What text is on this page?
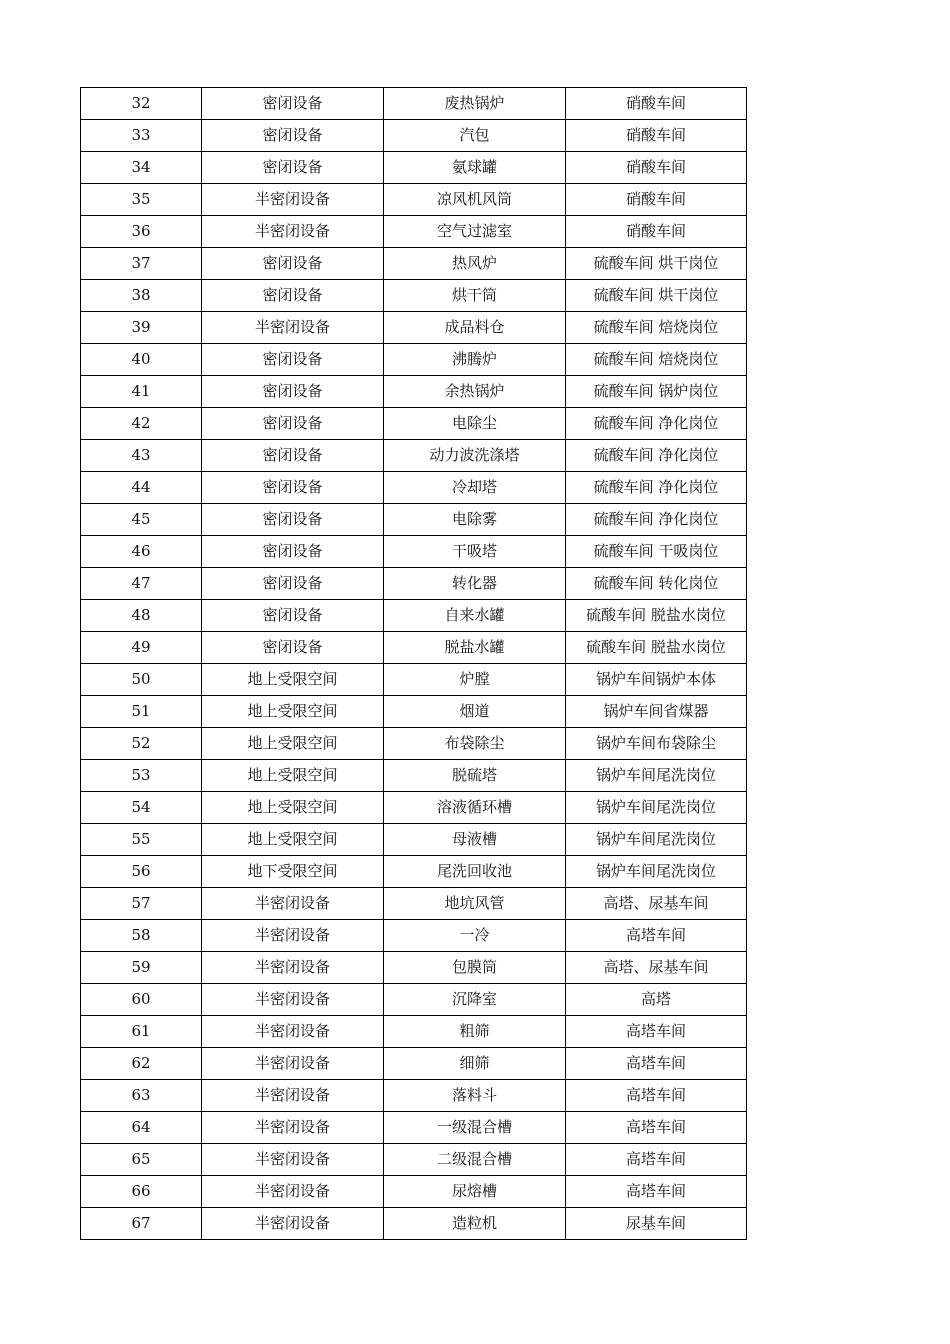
32	密闭设备	废热锅炉	硝酸车间
33	密闭设备	汽包	硝酸车间
34	密闭设备	氨球罐	硝酸车间
35	半密闭设备	凉风机风筒	硝酸车间
36	半密闭设备	空气过滤室	硝酸车间
37	密闭设备	热风炉	硫酸车间 烘干岗位
38	密闭设备	烘干筒	硫酸车间 烘干岗位
39	半密闭设备	成品料仓	硫酸车间 焙烧岗位
40	密闭设备	沸腾炉	硫酸车间 焙烧岗位
41	密闭设备	余热锅炉	硫酸车间 锅炉岗位
42	密闭设备	电除尘	硫酸车间 净化岗位
43	密闭设备	动力波洗涤塔	硫酸车间 净化岗位
44	密闭设备	冷却塔	硫酸车间 净化岗位
45	密闭设备	电除雾	硫酸车间 净化岗位
46	密闭设备	干吸塔	硫酸车间 干吸岗位
47	密闭设备	转化器	硫酸车间 转化岗位
48	密闭设备	自来水罐	硫酸车间 脱盐水岗位
49	密闭设备	脱盐水罐	硫酸车间 脱盐水岗位
50	地上受限空间	炉膛	锅炉车间锅炉本体
51	地上受限空间	烟道	锅炉车间省煤器
52	地上受限空间	布袋除尘	锅炉车间布袋除尘
53	地上受限空间	脱硫塔	锅炉车间尾洗岗位
54	地上受限空间	溶液循环槽	锅炉车间尾洗岗位
55	地上受限空间	母液槽	锅炉车间尾洗岗位
56	地下受限空间	尾洗回收池	锅炉车间尾洗岗位
57	半密闭设备	地坑风管	高塔、尿基车间
58	半密闭设备	一冷	高塔车间
59	半密闭设备	包膜筒	高塔、尿基车间
60	半密闭设备	沉降室	高塔
61	半密闭设备	粗筛	高塔车间
62	半密闭设备	细筛	高塔车间
63	半密闭设备	落料斗	高塔车间
64	半密闭设备	一级混合槽	高塔车间
65	半密闭设备	二级混合槽	高塔车间
66	半密闭设备	尿熔槽	高塔车间
67	半密闭设备	造粒机	尿基车间
